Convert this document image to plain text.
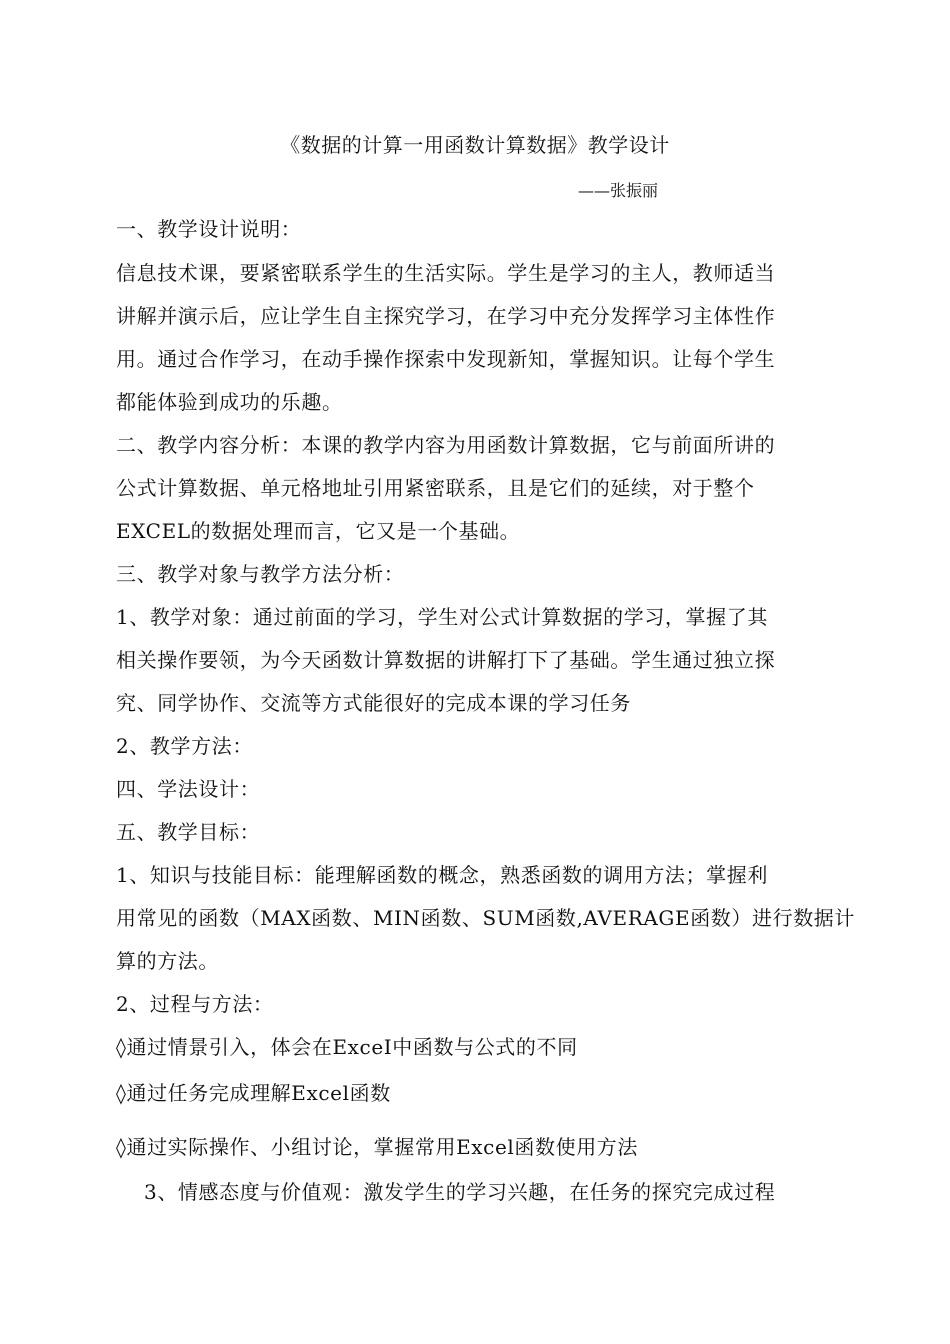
《数据的计算一用函数计算数据》教学设计
——张振丽
一、教学设计说明：
信息技术课，要紧密联系学生的生活实际。学生是学习的主人，教师适当
讲解并演示后，应让学生自主探究学习，在学习中充分发挥学习主体性作
用。通过合作学习，在动手操作探索中发现新知，掌握知识。让每个学生
都能体验到成功的乐趣。
二、教学内容分析：本课的教学内容为用函数计算数据，它与前面所讲的
公式计算数据、单元格地址引用紧密联系，且是它们的延续，对于整个
EXCEL的数据处理而言，它又是一个基础。
三、教学对象与教学方法分析：
1、教学对象：通过前面的学习，学生对公式计算数据的学习，掌握了其
相关操作要领，为今天函数计算数据的讲解打下了基础。学生通过独立探
究、同学协作、交流等方式能很好的完成本课的学习任务
2、教学方法：
四、学法设计：
五、教学目标：
1、知识与技能目标：能理解函数的概念，熟悉函数的调用方法；掌握利
用常见的函数（MAX函数、MIN函数、SUM函数,AVERAGE函数）进行数据计
算的方法。
2、过程与方法：
◊通过情景引入，体会在ExceI中函数与公式的不同
◊通过任务完成理解Excel函数
◊通过实际操作、小组讨论，掌握常用Excel函数使用方法
3、情感态度与价值观：激发学生的学习兴趣，在任务的探究完成过程
